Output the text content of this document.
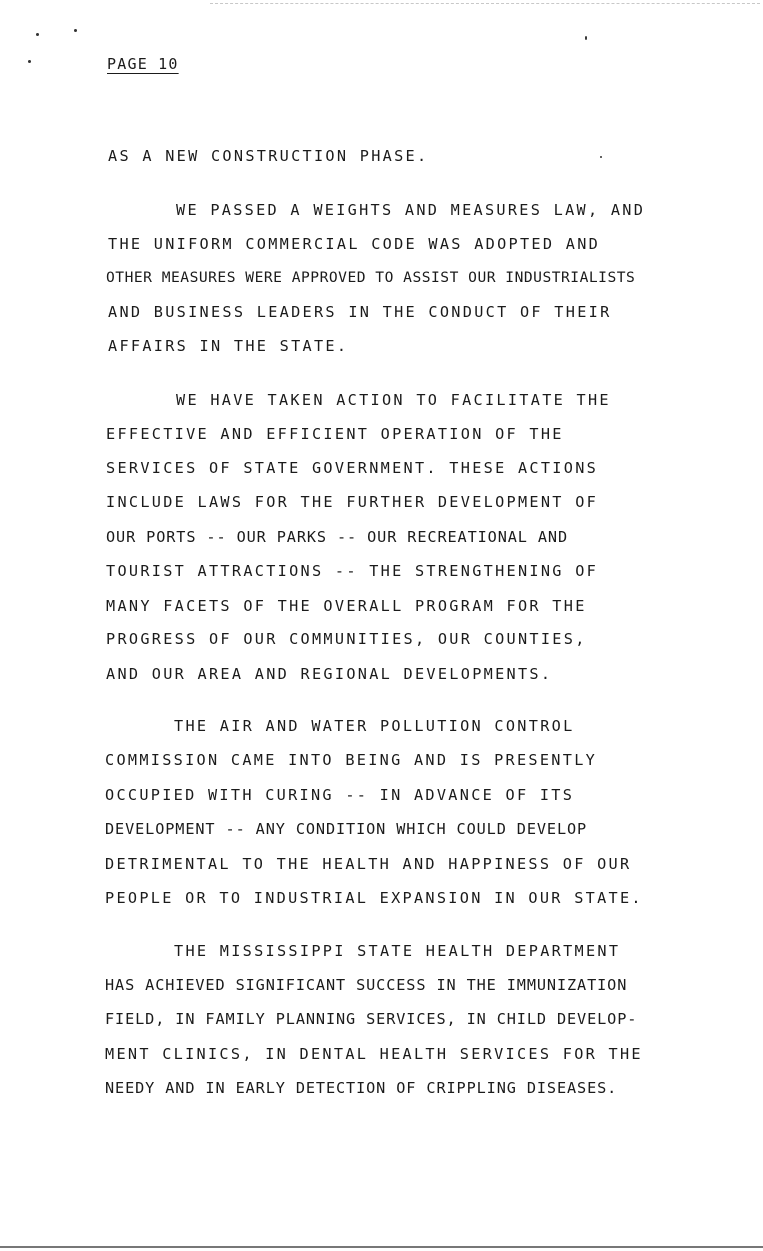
PAGE 10
AS A NEW CONSTRUCTION PHASE.
WE PASSED A WEIGHTS AND MEASURES LAW, AND
THE UNIFORM COMMERCIAL CODE WAS ADOPTED AND
OTHER MEASURES WERE APPROVED TO ASSIST OUR INDUSTRIALISTS
AND BUSINESS LEADERS IN THE CONDUCT OF THEIR
AFFAIRS IN THE STATE.
WE HAVE TAKEN ACTION TO FACILITATE THE
EFFECTIVE AND EFFICIENT OPERATION OF THE
SERVICES OF STATE GOVERNMENT. THESE ACTIONS
INCLUDE LAWS FOR THE FURTHER DEVELOPMENT OF
OUR PORTS -- OUR PARKS -- OUR RECREATIONAL AND
TOURIST ATTRACTIONS -- THE STRENGTHENING OF
MANY FACETS OF THE OVERALL PROGRAM FOR THE
PROGRESS OF OUR COMMUNITIES, OUR COUNTIES,
AND OUR AREA AND REGIONAL DEVELOPMENTS.
THE AIR AND WATER POLLUTION CONTROL
COMMISSION CAME INTO BEING AND IS PRESENTLY
OCCUPIED WITH CURING -- IN ADVANCE OF ITS
DEVELOPMENT -- ANY CONDITION WHICH COULD DEVELOP
DETRIMENTAL TO THE HEALTH AND HAPPINESS OF OUR
PEOPLE OR TO INDUSTRIAL EXPANSION IN OUR STATE.
THE MISSISSIPPI STATE HEALTH DEPARTMENT
HAS ACHIEVED SIGNIFICANT SUCCESS IN THE IMMUNIZATION
FIELD, IN FAMILY PLANNING SERVICES, IN CHILD DEVELOP-
MENT CLINICS, IN DENTAL HEALTH SERVICES FOR THE
NEEDY AND IN EARLY DETECTION OF CRIPPLING DISEASES.
